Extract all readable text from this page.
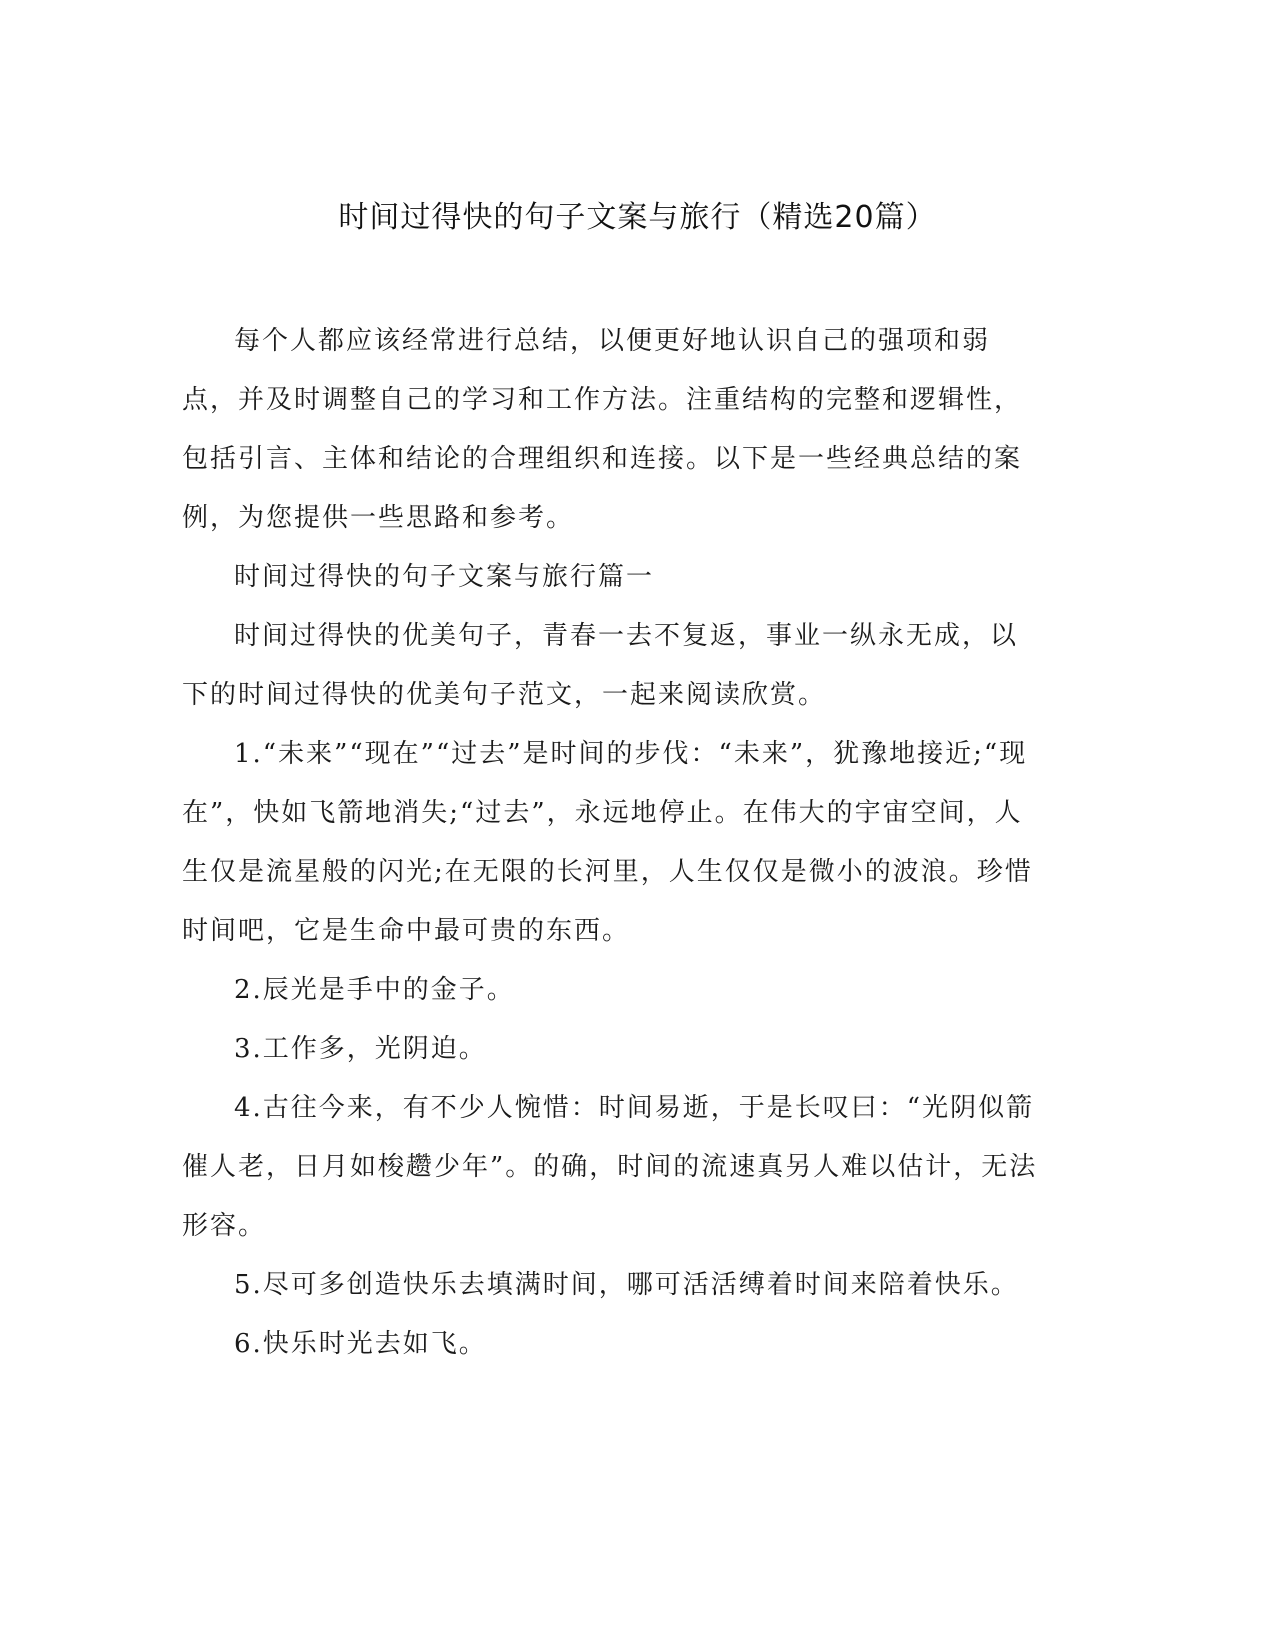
时间过得快的句子文案与旅行（精选20篇）

每个人都应该经常进行总结，以便更好地认识自己的强项和弱点，并及时调整自己的学习和工作方法。注重结构的完整和逻辑性，包括引言、主体和结论的合理组织和连接。以下是一些经典总结的案例，为您提供一些思路和参考。

时间过得快的句子文案与旅行篇一

时间过得快的优美句子，青春一去不复返，事业一纵永无成，以下的时间过得快的优美句子范文，一起来阅读欣赏。

1.“未来”“现在”“过去”是时间的步伐：“未来”，犹豫地接近;“现在”，快如飞箭地消失;“过去”，永远地停止。在伟大的宇宙空间，人生仅是流星般的闪光;在无限的长河里，人生仅仅是微小的波浪。珍惜时间吧，它是生命中最可贵的东西。

2.辰光是手中的金子。

3.工作多，光阴迫。

4.古往今来，有不少人惋惜：时间易逝，于是长叹曰：“光阴似箭催人老，日月如梭趱少年”。的确，时间的流速真另人难以估计，无法形容。

5.尽可多创造快乐去填满时间，哪可活活缚着时间来陪着快乐。

6.快乐时光去如飞。
